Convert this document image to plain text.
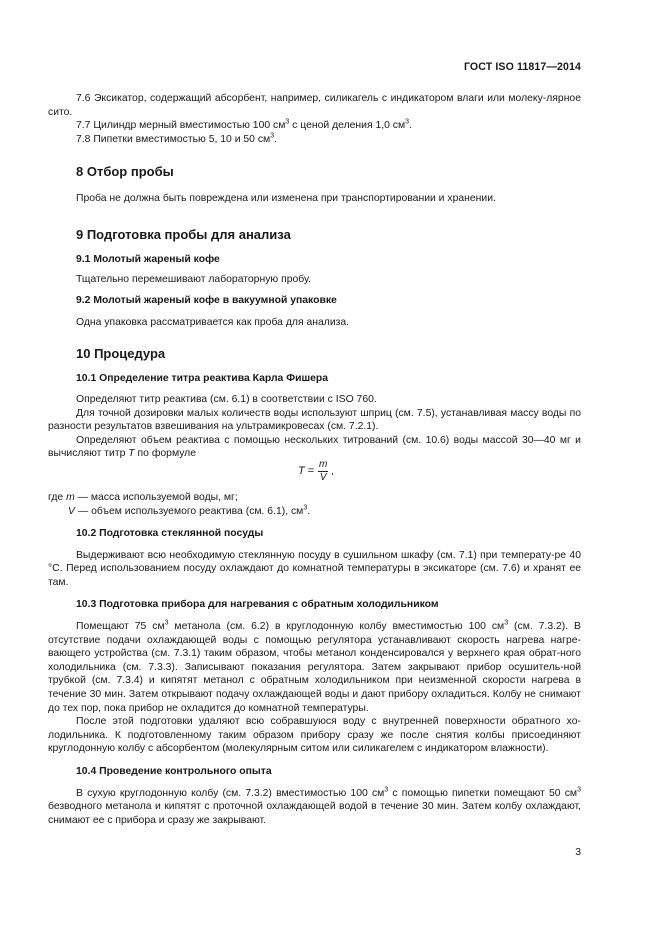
ГОСТ ISO 11817—2014

7.6 Эксикатор, содержащий абсорбент, например, силикагель с индикатором влаги или молеку-лярное сито.

7.7 Цилиндр мерный вместимостью 100 $см^3$ с ценой деления 1,0 $см^3$.

7.8 Пипетки вместимостью 5, 10 и 50 $см^3$.

8 Отбор пробы

Проба не должна быть повреждена или изменена при транспортировании и хранении.

9 Подготовка пробы для анализа

9.1 Молотый жареный кофе

Тщательно перемешивают лабораторную пробу.

9.2 Молотый жареный кофе в вакуумной упаковке

Одна упаковка рассматривается как проба для анализа.

10 Процедура

10.1 Определение титра реактива Карла Фишера

Определяют титр реактива (см. 6.1) в соответствии с ISO 760.

Для точной дозировки малых количеств воды используют шприц (см. 7.5), устанавливая массу воды по разности результатов взвешивания на ультрамикровесах (см. 7.2.1).

Определяют объем реактива с помощью нескольких титрований (см. 10.6) воды массой 30—40 мг и вычисляют титр T по формуле

$T = \frac{m}{V}$ ,

где m — масса используемой воды, мг;

V — объем используемого реактива (см. 6.1), $см^3$.

10.2 Подготовка стеклянной посуды

Выдерживают всю необходимую стеклянную посуду в сушильном шкафу (см. 7.1) при температу-ре 40 °C. Перед использованием посуду охлаждают до комнатной температуры в эксикаторе (см. 7.6) и хранят ее там.

10.3 Подготовка прибора для нагревания с обратным холодильником

Помещают 75 $см^3$ метанола (см. 6.2) в круглодонную колбу вместимостью 100 $см^3$ (см. 7.3.2). В отсутствие подачи охлаждающей воды с помощью регулятора устанавливают скорость нагрева нагре-вающего устройства (см. 7.3.1) таким образом, чтобы метанол конденсировался у верхнего края обрат-ного холодильника (см. 7.3.3). Записывают показания регулятора. Затем закрывают прибор осушитель-ной трубкой (см. 7.3.4) и кипятят метанол с обратным холодильником при неизменной скорости нагрева в течение 30 мин. Затем открывают подачу охлаждающей воды и дают прибору охладиться. Колбу не снимают до тех пор, пока прибор не охладится до комнатной температуры.

После этой подготовки удаляют всю собравшуюся воду с внутренней поверхности обратного хо-лодильника. К подготовленному таким образом прибору сразу же после снятия колбы присоединяют круглодонную колбу с абсорбентом (молекулярным ситом или силикагелем с индикатором влажности).

10.4 Проведение контрольного опыта

В сухую круглодонную колбу (см. 7.3.2) вместимостью 100 $см^3$ с помощью пипетки помещают 50 $см^3$ безводного метанола и кипятят с проточной охлаждающей водой в течение 30 мин. Затем колбу охлаждают, снимают ее с прибора и сразу же закрывают.

3
